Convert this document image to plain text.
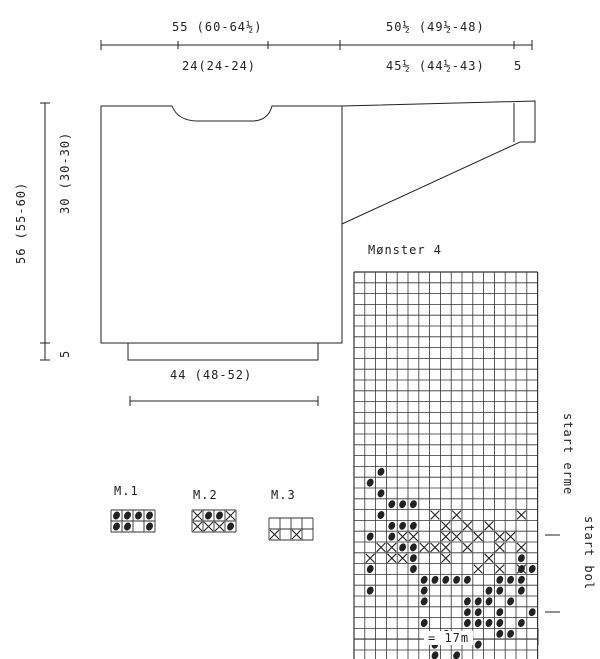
55 (60-64½)	50½ (49½-48)
24(24-24)	45½ (44½-43) 5
56 (55-60)
30 (30-30)
5
44 (48-52)
Mønster 4
start erme
start bol
= 17m
M.1	M.2	M.3
